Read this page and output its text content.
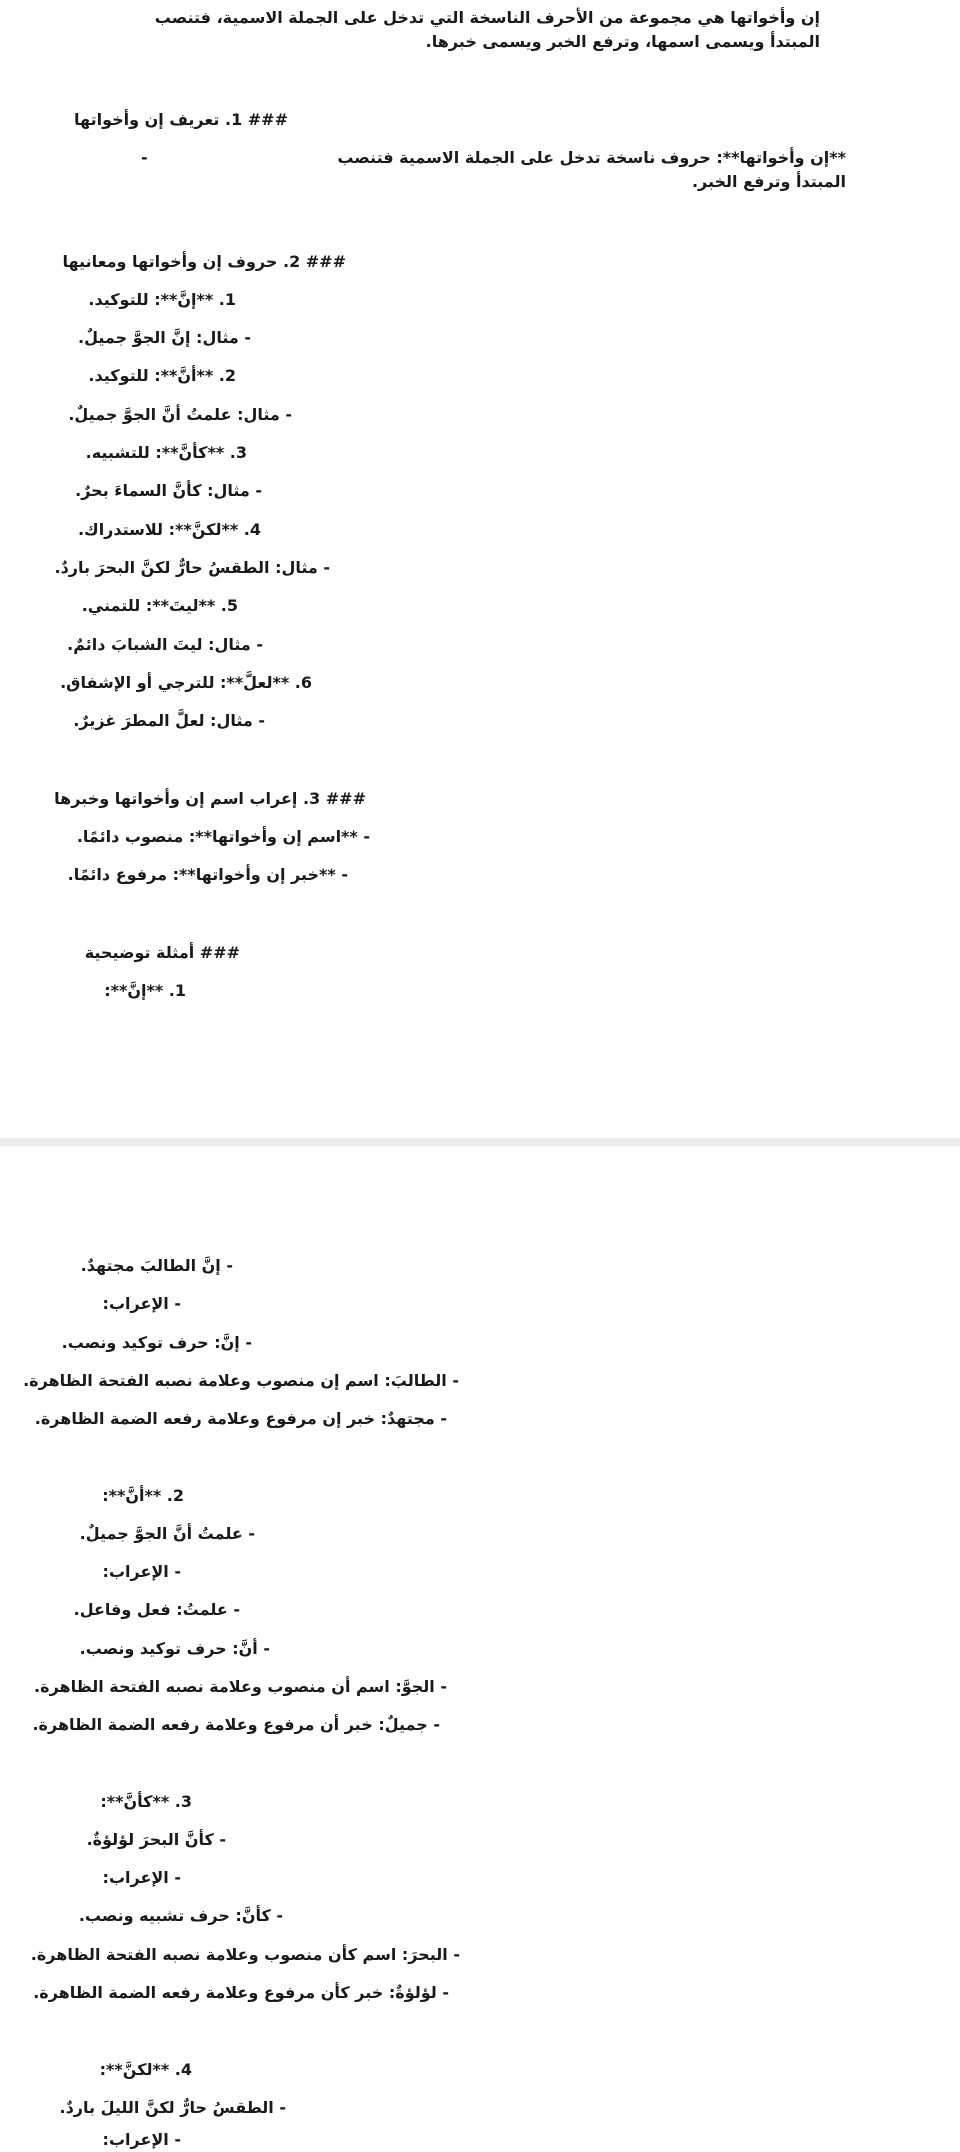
إن وأخواتها هي مجموعة من الأحرف الناسخة التي تدخل على الجملة الاسمية، فتنصب المبتدأ ويسمى اسمها، وترفع الخبر ويسمى خبرها.
### 1. تعريف إن وأخواتها
**إن وأخواتها**: حروف ناسخة تدخل على الجملة الاسمية فتنصب المبتدأ وترفع الخبر.
-
### 2. حروف إن وأخواتها ومعانيها
1. **إنَّ**: للتوكيد.
- مثال: إنَّ الجوَّ جميلٌ.
2. **أنَّ**: للتوكيد.
- مثال: علمتُ أنَّ الجوَّ جميلٌ.
3. **كأنَّ**: للتشبيه.
- مثال: كأنَّ السماءَ بحرٌ.
4. **لكنَّ**: للاستدراك.
- مثال: الطقسُ حارٌّ لكنَّ البحرَ باردٌ.
5. **ليتَ**: للتمني.
- مثال: ليتَ الشبابَ دائمٌ.
6. **لعلَّ**: للترجي أو الإشفاق.
- مثال: لعلَّ المطرَ غزيرٌ.
### 3. إعراب اسم إن وأخواتها وخبرها
- **اسم إن وأخواتها**: منصوب دائمًا.
- **خبر إن وأخواتها**: مرفوع دائمًا.
### أمثلة توضيحية
1. **إنَّ**:
- إنَّ الطالبَ مجتهدٌ.
- الإعراب:
- إنَّ: حرف توكيد ونصب.
- الطالبَ: اسم إن منصوب وعلامة نصبه الفتحة الظاهرة.
- مجتهدٌ: خبر إن مرفوع وعلامة رفعه الضمة الظاهرة.
2. **أنَّ**:
- علمتُ أنَّ الجوَّ جميلٌ.
- الإعراب:
- علمتُ: فعل وفاعل.
- أنَّ: حرف توكيد ونصب.
- الجوَّ: اسم أن منصوب وعلامة نصبه الفتحة الظاهرة.
- جميلٌ: خبر أن مرفوع وعلامة رفعه الضمة الظاهرة.
3. **كأنَّ**:
- كأنَّ البحرَ لؤلؤةٌ.
- الإعراب:
- كأنَّ: حرف تشبيه ونصب.
- البحرَ: اسم كأن منصوب وعلامة نصبه الفتحة الظاهرة.
- لؤلؤةٌ: خبر كأن مرفوع وعلامة رفعه الضمة الظاهرة.
4. **لكنَّ**:
- الطقسُ حارٌّ لكنَّ الليلَ باردٌ.
- الإعراب:
